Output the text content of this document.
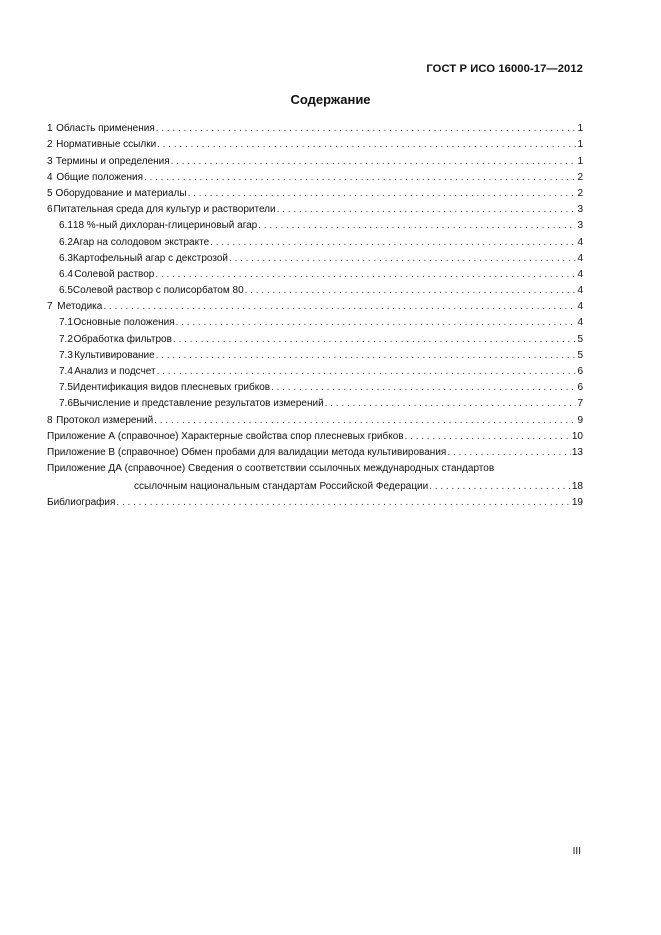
ГОСТ Р ИСО 16000-17—2012
Содержание
1 Область применения . . .	1
2 Нормативные ссылки . . .	1
3 Термины и определения . . .	1
4 Общие положения . . .	2
5 Оборудование и материалы . . .	2
6 Питательная среда для культур и растворители . . .	3
6.1 18 %-ный дихлоран-глицериновый агар . . .	3
6.2 Агар на солодовом экстракте . . .	4
6.3 Картофельный агар с декстрозой . . .	4
6.4 Солевой раствор . . .	4
6.5 Солевой раствор с полисорбатом 80 . . .	4
7 Методика . . .	4
7.1 Основные положения . . .	4
7.2 Обработка фильтров . . .	5
7.3 Культивирование . . .	5
7.4 Анализ и подсчет . . .	6
7.5 Идентификация видов плесневых грибков . . .	6
7.6 Вычисление и представление результатов измерений . . .	7
8 Протокол измерений . . .	9
Приложение А (справочное) Характерные свойства спор плесневых грибков . . .	10
Приложение В (справочное) Обмен пробами для валидации метода культивирования . . .	13
Приложение ДА (справочное) Сведения о соответствии ссылочных международных стандартов
ссылочным национальным стандартам Российской Федерации . . .	18
Библиография . . .	19
III
